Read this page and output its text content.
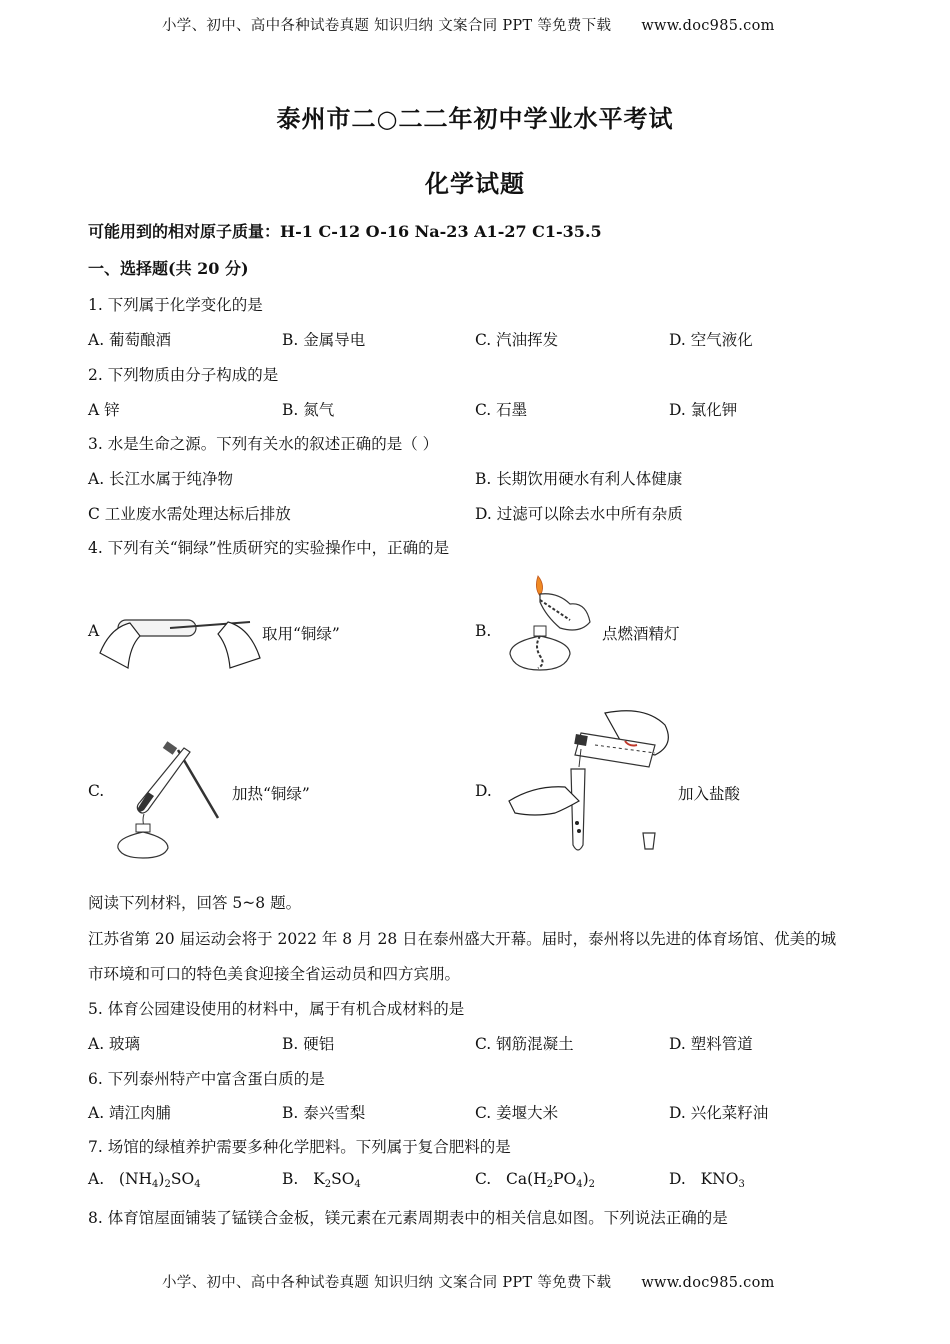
小学、初中、高中各种试卷真题 知识归纳 文案合同 PPT 等免费下载 www.doc985.com
泰州市二○二二年初中学业水平考试
化学试题
可能用到的相对原子质量：H-1 C-12 O-16 Na-23 A1-27 C1-35.5
一、选择题(共 20 分)
1. 下列属于化学变化的是
A. 葡萄酿酒	B. 金属导电	C. 汽油挥发	D. 空气液化
2. 下列物质由分子构成的是
A 锌	B. 氮气	C. 石墨	D. 氯化钾
3. 水是生命之源。下列有关水的叙述正确的是（ ）
A. 长江水属于纯净物	B. 长期饮用硬水有利人体健康
C 工业废水需处理达标后排放	D. 过滤可以除去水中所有杂质
4. 下列有关“铜绿”性质研究的实验操作中，正确的是
A	取用“铜绿”	B.	点燃酒精灯
C.	加热“铜绿”	D.	加入盐酸
阅读下列材料，回答 5~8 题。
江苏省第 20 届运动会将于 2022 年 8 月 28 日在泰州盛大开幕。届时，泰州将以先进的体育场馆、优美的城
市环境和可口的特色美食迎接全省运动员和四方宾朋。
5. 体育公园建设使用的材料中，属于有机合成材料的是
A. 玻璃	B. 硬铝	C. 钢筋混凝土	D. 塑料管道
6. 下列泰州特产中富含蛋白质的是
A. 靖江肉脯	B. 泰兴雪梨	C. 姜堰大米	D. 兴化菜籽油
7. 场馆的绿植养护需要多种化学肥料。下列属于复合肥料的是
A. $(NH_4)_2SO_4$	B. $K_2SO_4$	C. $Ca(H_2PO_4)_2$	D. $KNO_3$
8. 体育馆屋面铺装了锰镁合金板，镁元素在元素周期表中的相关信息如图。下列说法正确的是
小学、初中、高中各种试卷真题 知识归纳 文案合同 PPT 等免费下载 www.doc985.com
